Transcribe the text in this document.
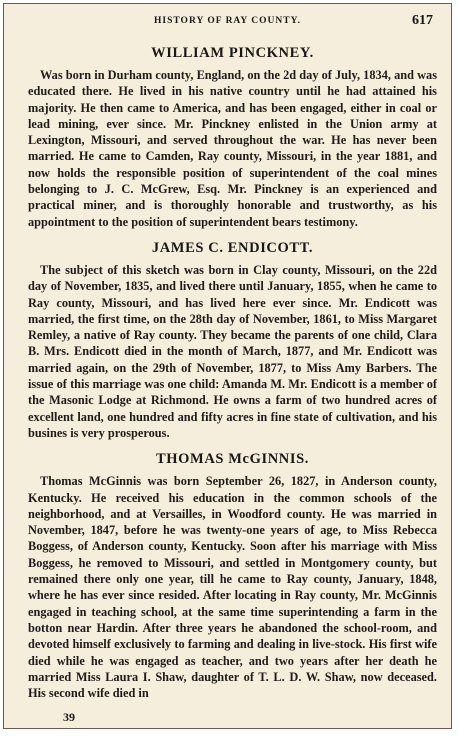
HISTORY OF RAY COUNTY.	617
WILLIAM PINCKNEY.

Was born in Durham county, England, on the 2d day of July, 1834, and was educated there. He lived in his native country until he had attained his majority. He then came to America, and has been engaged, either in coal or lead mining, ever since. Mr. Pinckney enlisted in the Union army at Lexington, Missouri, and served throughout the war. He has never been married. He came to Camden, Ray county, Missouri, in the year 1881, and now holds the responsible position of superintendent of the coal mines belonging to J. C. McGrew, Esq. Mr. Pinckney is an experienced and practical miner, and is thoroughly honorable and trustworthy, as his appointment to the position of superintendent bears testimony.

JAMES C. ENDICOTT.

The subject of this sketch was born in Clay county, Missouri, on the 22d day of November, 1835, and lived there until January, 1855, when he came to Ray county, Missouri, and has lived here ever since. Mr. Endicott was married, the first time, on the 28th day of November, 1861, to Miss Margaret Remley, a native of Ray county. They became the parents of one child, Clara B. Mrs. Endicott died in the month of March, 1877, and Mr. Endicott was married again, on the 29th of November, 1877, to Miss Amy Barbers. The issue of this marriage was one child: Amanda M. Mr. Endicott is a member of the Masonic Lodge at Richmond. He owns a farm of two hundred acres of excellent land, one hundred and fifty acres in fine state of cultivation, and his busines is very prosperous.

THOMAS McGINNIS.

Thomas McGinnis was born September 26, 1827, in Anderson county, Kentucky. He received his education in the common schools of the neighborhood, and at Versailles, in Woodford county. He was married in November, 1847, before he was twenty-one years of age, to Miss Rebecca Boggess, of Anderson county, Kentucky. Soon after his marriage with Miss Boggess, he removed to Missouri, and settled in Montgomery county, but remained there only one year, till he came to Ray county, January, 1848, where he has ever since resided. After locating in Ray county, Mr. McGinnis engaged in teaching school, at the same time superintending a farm in the botton near Hardin. After three years he abandoned the school-room, and devoted himself exclusively to farming and dealing in live-stock. His first wife died while he was engaged as teacher, and two years after her death he married Miss Laura I. Shaw, daughter of T. L. D. W. Shaw, now deceased. His second wife died in

39
